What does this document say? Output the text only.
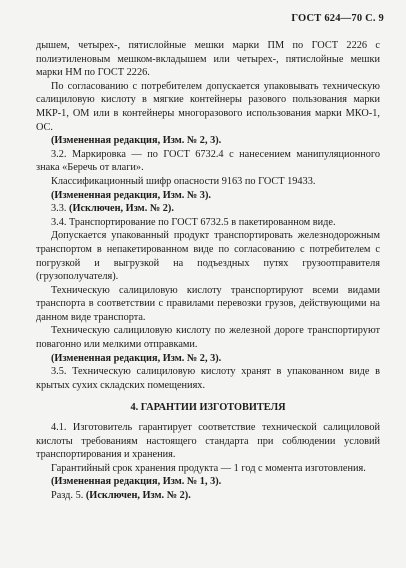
ГОСТ 624—70 С. 9

дышем, четырех-, пятислойные мешки марки ПМ по ГОСТ 2226 с полиэтиленовым мешком-вкладышем или четырех-, пятислойные мешки марки НМ по ГОСТ 2226.

По согласованию с потребителем допускается упаковывать техническую салициловую кислоту в мягкие контейнеры разового пользования марки МКР-1, ОМ или в контейнеры многоразового использования марки МКО-1, ОС.

(Измененная редакция, Изм. № 2, 3).

3.2. Маркировка — по ГОСТ 6732.4 с нанесением манипуляционного знака «Беречь от влаги».

Классификационный шифр опасности 9163 по ГОСТ 19433.

(Измененная редакция, Изм. № 3).

3.3. (Исключен, Изм. № 2).

3.4. Транспортирование по ГОСТ 6732.5 в пакетированном виде.

Допускается упакованный продукт транспортировать железнодорожным транспортом в непакетированном виде по согласованию с потребителем с погрузкой и выгрузкой на подъездных путях грузоотправителя (грузополучателя).

Техническую салициловую кислоту транспортируют всеми видами транспорта в соответствии с правилами перевозки грузов, действующими на данном виде транспорта.

Техническую салициловую кислоту по железной дороге транспортируют повагонно или мелкими отправками.

(Измененная редакция, Изм. № 2, 3).

3.5. Техническую салициловую кислоту хранят в упакованном виде в крытых сухих складских помещениях.

4. ГАРАНТИИ ИЗГОТОВИТЕЛЯ

4.1. Изготовитель гарантирует соответствие технической салициловой кислоты требованиям настоящего стандарта при соблюдении условий транспортирования и хранения.

Гарантийный срок хранения продукта — 1 год с момента изготовления.

(Измененная редакция, Изм. № 1, 3).

Разд. 5. (Исключен, Изм. № 2).
